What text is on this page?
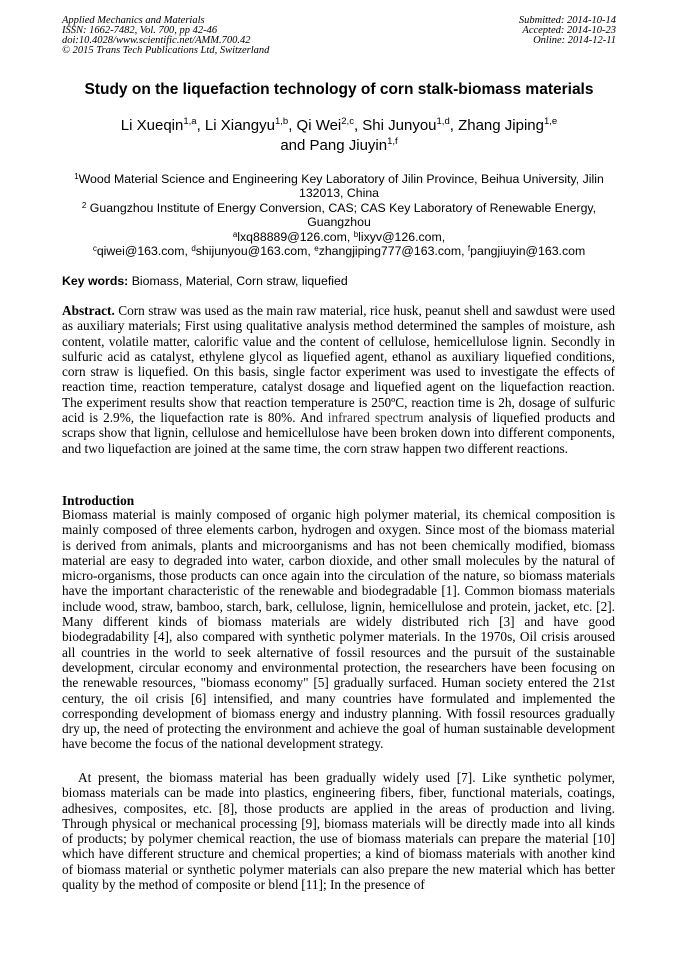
Applied Mechanics and Materials
ISSN: 1662-7482, Vol. 700, pp 42-46
doi:10.4028/www.scientific.net/AMM.700.42
© 2015 Trans Tech Publications Ltd, Switzerland
Submitted: 2014-10-14
Accepted: 2014-10-23
Online: 2014-12-11
Study on the liquefaction technology of corn stalk-biomass materials
Li Xueqin$^{1,a}$, Li Xiangyu$^{1,b}$, Qi Wei$^{2,c}$, Shi Junyou$^{1,d}$, Zhang Jiping$^{1,e}$
and Pang Jiuyin$^{1,f}$
$^1$Wood Material Science and Engineering Key Laboratory of Jilin Province, Beihua University, Jilin 132013, China
$^2$ Guangzhou Institute of Energy Conversion, CAS; CAS Key Laboratory of Renewable Energy, Guangzhou
$^a$lxq88889@126.com, $^b$lixyv@126.com,
$^c$qiwei@163.com, $^d$shijunyou@163.com, $^e$zhangjiping777@163.com, $^f$pangjiuyin@163.com
Key words: Biomass, Material, Corn straw, liquefied
Abstract. Corn straw was used as the main raw material, rice husk, peanut shell and sawdust were used as auxiliary materials; First using qualitative analysis method determined the samples of moisture, ash content, volatile matter, calorific value and the content of cellulose, hemicellulose lignin. Secondly in sulfuric acid as catalyst, ethylene glycol as liquefied agent, ethanol as auxiliary liquefied conditions, corn straw is liquefied. On this basis, single factor experiment was used to investigate the effects of reaction time, reaction temperature, catalyst dosage and liquefied agent on the liquefaction reaction. The experiment results show that reaction temperature is 250ºC, reaction time is 2h, dosage of sulfuric acid is 2.9%, the liquefaction rate is 80%. And infrared spectrum analysis of liquefied products and scraps show that lignin, cellulose and hemicellulose have been broken down into different components, and two liquefaction are joined at the same time, the corn straw happen two different reactions.
Introduction
Biomass material is mainly composed of organic high polymer material, its chemical composition is mainly composed of three elements carbon, hydrogen and oxygen. Since most of the biomass material is derived from animals, plants and microorganisms and has not been chemically modified, biomass material are easy to degraded into water, carbon dioxide, and other small molecules by the natural of micro-organisms, those products can once again into the circulation of the nature, so biomass materials have the important characteristic of the renewable and biodegradable [1]. Common biomass materials include wood, straw, bamboo, starch, bark, cellulose, lignin, hemicellulose and protein, jacket, etc. [2]. Many different kinds of biomass materials are widely distributed rich [3] and have good biodegradability [4], also compared with synthetic polymer materials. In the 1970s, Oil crisis aroused all countries in the world to seek alternative of fossil resources and the pursuit of the sustainable development, circular economy and environmental protection, the researchers have been focusing on the renewable resources, "biomass economy" [5] gradually surfaced. Human society entered the 21st century, the oil crisis [6] intensified, and many countries have formulated and implemented the corresponding development of biomass energy and industry planning. With fossil resources gradually dry up, the need of protecting the environment and achieve the goal of human sustainable development have become the focus of the national development strategy.
At present, the biomass material has been gradually widely used [7]. Like synthetic polymer, biomass materials can be made into plastics, engineering fibers, fiber, functional materials, coatings, adhesives, composites, etc. [8], those products are applied in the areas of production and living. Through physical or mechanical processing [9], biomass materials will be directly made into all kinds of products; by polymer chemical reaction, the use of biomass materials can prepare the material [10] which have different structure and chemical properties; a kind of biomass materials with another kind of biomass material or synthetic polymer materials can also prepare the new material which has better quality by the method of composite or blend [11]; In the presence of
